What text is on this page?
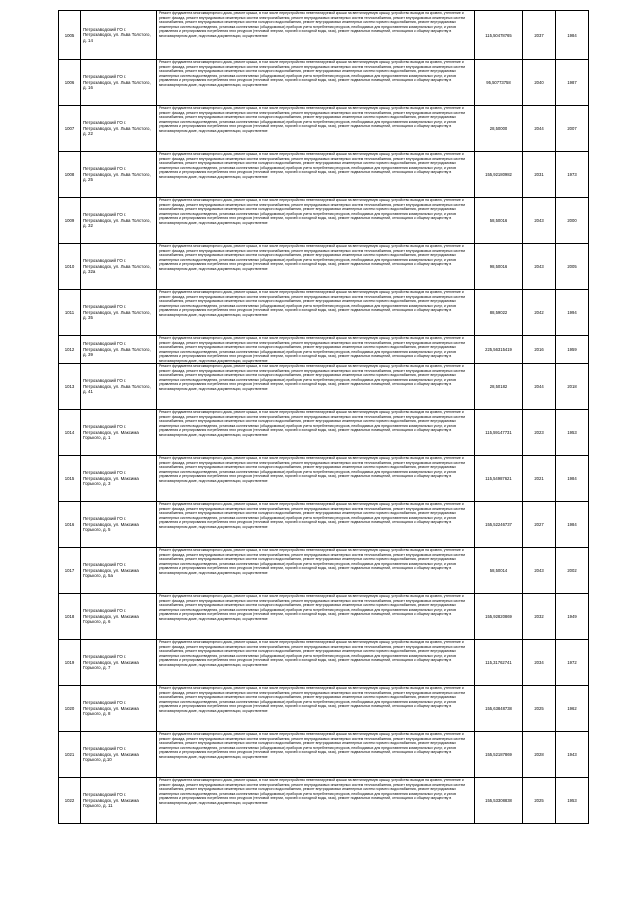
1005	Петрозаводский ГО г. Петрозаводск, ул. Льва Толстого, д. 14	Ремонт фундамента многоквартирного дома, ремонт крыши, в том числе переустройство невентилируемой крыши на вентилируемую крышу, устройство выходов на кровлю, утепление и ремонт фасада, ремонт внутридомовых инженерных систем электроснабжения, ремонт внутридомовых инженерных систем теплоснабжения, ремонт внутридомовых инженерных систем газоснабжения, ремонт внутридомовых инженерных систем холодного водоснабжения, ремонт внутридомовых инженерных систем горячего водоснабжения, ремонт внутридомовых инженерных систем водоотведения, установка коллективных (общедомовых) приборов учета потребления ресурсов, необходимых для предоставления коммунальных услуг, и узлов управления и регулирования потребления этих ресурсов (тепловой энергии, горячей и холодной воды, газа), ремонт подвальных помещений, относящихся к общему имуществу в многоквартирном доме, подготовка документации, осуществление	115,50478765	2037	1984
1006	Петрозаводский ГО г. Петрозаводск, ул. Льва Толстого, д. 16	Ремонт фундамента многоквартирного дома, ремонт крыши, в том числе переустройство невентилируемой крыши на вентилируемую крышу, устройство выходов на кровлю, утепление и ремонт фасада, ремонт внутридомовых инженерных систем электроснабжения, ремонт внутридомовых инженерных систем теплоснабжения, ремонт внутридомовых инженерных систем газоснабжения, ремонт внутридомовых инженерных систем холодного водоснабжения, ремонт внутридомовых инженерных систем горячего водоснабжения, ремонт внутридомовых инженерных систем водоотведения, установка коллективных (общедомовых) приборов учета потребления ресурсов, необходимых для предоставления коммунальных услуг, и узлов управления и регулирования потребления этих ресурсов (тепловой энергии, горячей и холодной воды, газа), ремонт подвальных помещений, относящихся к общему имуществу в многоквартирном доме, подготовка документации, осуществление	95,50773758	2040	1987
1007	Петрозаводский ГО г. Петрозаводск, ул. Льва Толстого, д. 22	Ремонт фундамента многоквартирного дома, ремонт крыши, в том числе переустройство невентилируемой крыши на вентилируемую крышу, устройство выходов на кровлю, утепление и ремонт фасада, ремонт внутридомовых инженерных систем электроснабжения, ремонт внутридомовых инженерных систем теплоснабжения, ремонт внутридомовых инженерных систем газоснабжения, ремонт внутридомовых инженерных систем холодного водоснабжения, ремонт внутридомовых инженерных систем горячего водоснабжения, ремонт внутридомовых инженерных систем водоотведения, установка коллективных (общедомовых) приборов учета потребления ресурсов, необходимых для предоставления коммунальных услуг, и узлов управления и регулирования потребления этих ресурсов (тепловой энергии, горячей и холодной воды, газа), ремонт подвальных помещений, относящихся к общему имуществу в многоквартирном доме, подготовка документации, осуществление	28,50000	2044	2007
1008	Петрозаводский ГО г. Петрозаводск, ул. Льва Толстого, д. 25	Ремонт фундамента многоквартирного дома, ремонт крыши, в том числе переустройство невентилируемой крыши на вентилируемую крышу, устройство выходов на кровлю, утепление и ремонт фасада, ремонт внутридомовых инженерных систем электроснабжения, ремонт внутридомовых инженерных систем теплоснабжения, ремонт внутридомовых инженерных систем газоснабжения, ремонт внутридомовых инженерных систем холодного водоснабжения, ремонт внутридомовых инженерных систем горячего водоснабжения, ремонт внутридомовых инженерных систем водоотведения, установка коллективных (общедомовых) приборов учета потребления ресурсов, необходимых для предоставления коммунальных услуг, и узлов управления и регулирования потребления этих ресурсов (тепловой энергии, горячей и холодной воды, газа), ремонт подвальных помещений, относящихся к общему имуществу в многоквартирном доме, подготовка документации, осуществление	155,92180982	2031	1973
1009	Петрозаводский ГО г. Петрозаводск, ул. Льва Толстого, д. 32	Ремонт фундамента многоквартирного дома, ремонт крыши, в том числе переустройство невентилируемой крыши на вентилируемую крышу, устройство выходов на кровлю, утепление и ремонт фасада, ремонт внутридомовых инженерных систем электроснабжения, ремонт внутридомовых инженерных систем теплоснабжения, ремонт внутридомовых инженерных систем газоснабжения, ремонт внутридомовых инженерных систем холодного водоснабжения, ремонт внутридомовых инженерных систем горячего водоснабжения, ремонт внутридомовых инженерных систем водоотведения, установка коллективных (общедомовых) приборов учета потребления ресурсов, необходимых для предоставления коммунальных услуг, и узлов управления и регулирования потребления этих ресурсов (тепловой энергии, горячей и холодной воды, газа), ремонт подвальных помещений, относящихся к общему имуществу в многоквартирном доме, подготовка документации, осуществление	58,50016	2043	2000
1010	Петрозаводский ГО г. Петрозаводск, ул. Льва Толстого, д. 32а	Ремонт фундамента многоквартирного дома, ремонт крыши, в том числе переустройство невентилируемой крыши на вентилируемую крышу, устройство выходов на кровлю, утепление и ремонт фасада, ремонт внутридомовых инженерных систем электроснабжения, ремонт внутридомовых инженерных систем теплоснабжения, ремонт внутридомовых инженерных систем газоснабжения, ремонт внутридомовых инженерных систем холодного водоснабжения, ремонт внутридомовых инженерных систем горячего водоснабжения, ремонт внутридомовых инженерных систем водоотведения, установка коллективных (общедомовых) приборов учета потребления ресурсов, необходимых для предоставления коммунальных услуг, и узлов управления и регулирования потребления этих ресурсов (тепловой энергии, горячей и холодной воды, газа), ремонт подвальных помещений, относящихся к общему имуществу в многоквартирном доме, подготовка документации, осуществление	98,50016	2043	2005
1011	Петрозаводский ГО г. Петрозаводск, ул. Льва Толстого, д. 35	Ремонт фундамента многоквартирного дома, ремонт крыши, в том числе переустройство невентилируемой крыши на вентилируемую крышу, устройство выходов на кровлю, утепление и ремонт фасада, ремонт внутридомовых инженерных систем электроснабжения, ремонт внутридомовых инженерных систем теплоснабжения, ремонт внутридомовых инженерных систем газоснабжения, ремонт внутридомовых инженерных систем холодного водоснабжения, ремонт внутридомовых инженерных систем горячего водоснабжения, ремонт внутридомовых инженерных систем водоотведения, установка коллективных (общедомовых) приборов учета потребления ресурсов, необходимых для предоставления коммунальных услуг, и узлов управления и регулирования потребления этих ресурсов (тепловой энергии, горячей и холодной воды, газа), ремонт подвальных помещений, относящихся к общему имуществу в многоквартирном доме, подготовка документации, осуществление	88,59022	2042	1994
1012	Петрозаводский ГО г. Петрозаводск, ул. Льва Толстого, д. 39	Ремонт фундамента многоквартирного дома, ремонт крыши, в том числе переустройство невентилируемой крыши на вентилируемую крышу, устройство выходов на кровлю, утепление и ремонт фасада, ремонт внутридомовых инженерных систем электроснабжения, ремонт внутридомовых инженерных систем теплоснабжения, ремонт внутридомовых инженерных систем газоснабжения, ремонт внутридомовых инженерных систем холодного водоснабжения, ремонт внутридомовых инженерных систем горячего водоснабжения, ремонт внутридомовых инженерных систем водоотведения, установка коллективных (общедомовых) приборов учета потребления ресурсов, необходимых для предоставления коммунальных услуг, и узлов управления и регулирования потребления этих ресурсов (тепловой энергии, горячей и холодной воды, газа), ремонт подвальных помещений, относящихся к общему имуществу в многоквартирном доме, подготовка документации, осуществление	225,56315419	2016	1959
1013	Петрозаводский ГО г. Петрозаводск, ул. Льва Толстого, д. 41	Ремонт фундамента многоквартирного дома, ремонт крыши, в том числе переустройство невентилируемой крыши на вентилируемую крышу, устройство выходов на кровлю, утепление и ремонт фасада, ремонт внутридомовых инженерных систем электроснабжения, ремонт внутридомовых инженерных систем теплоснабжения, ремонт внутридомовых инженерных систем газоснабжения, ремонт внутридомовых инженерных систем холодного водоснабжения, ремонт внутридомовых инженерных систем горячего водоснабжения, ремонт внутридомовых инженерных систем водоотведения, установка коллективных (общедомовых) приборов учета потребления ресурсов, необходимых для предоставления коммунальных услуг, и узлов управления и регулирования потребления этих ресурсов (тепловой энергии, горячей и холодной воды, газа), ремонт подвальных помещений, относящихся к общему имуществу в многоквартирном доме, подготовка документации, осуществление	28,50182	2044	2018
1014	Петрозаводский ГО г. Петрозаводск, ул. Максима Горького, д. 1	Ремонт фундамента многоквартирного дома, ремонт крыши, в том числе переустройство невентилируемой крыши на вентилируемую крышу, устройство выходов на кровлю, утепление и ремонт фасада, ремонт внутридомовых инженерных систем электроснабжения, ремонт внутридомовых инженерных систем теплоснабжения, ремонт внутридомовых инженерных систем газоснабжения, ремонт внутридомовых инженерных систем холодного водоснабжения, ремонт внутридомовых инженерных систем горячего водоснабжения, ремонт внутридомовых инженерных систем водоотведения, установка коллективных (общедомовых) приборов учета потребления ресурсов, необходимых для предоставления коммунальных услуг, и узлов управления и регулирования потребления этих ресурсов (тепловой энергии, горячей и холодной воды, газа), ремонт подвальных помещений, относящихся к общему имуществу в многоквартирном доме, подготовка документации, осуществление	115,59147731	2023	1953
1015	Петрозаводский ГО г. Петрозаводск, ул. Максима Горького, д. 3	Ремонт фундамента многоквартирного дома, ремонт крыши, в том числе переустройство невентилируемой крыши на вентилируемую крышу, устройство выходов на кровлю, утепление и ремонт фасада, ремонт внутридомовых инженерных систем электроснабжения, ремонт внутридомовых инженерных систем теплоснабжения, ремонт внутридомовых инженерных систем газоснабжения, ремонт внутридомовых инженерных систем холодного водоснабжения, ремонт внутридомовых инженерных систем горячего водоснабжения, ремонт внутридомовых инженерных систем водоотведения, установка коллективных (общедомовых) приборов учета потребления ресурсов, необходимых для предоставления коммунальных услуг, и узлов управления и регулирования потребления этих ресурсов (тепловой энергии, горячей и холодной воды, газа), ремонт подвальных помещений, относящихся к общему имуществу в многоквартирном доме, подготовка документации, осуществление	115,54987621	2021	1984
1016	Петрозаводский ГО г. Петрозаводск, ул. Максима Горького, д. 5	Ремонт фундамента многоквартирного дома, ремонт крыши, в том числе переустройство невентилируемой крыши на вентилируемую крышу, устройство выходов на кровлю, утепление и ремонт фасада, ремонт внутридомовых инженерных систем электроснабжения, ремонт внутридомовых инженерных систем теплоснабжения, ремонт внутридомовых инженерных систем газоснабжения, ремонт внутридомовых инженерных систем холодного водоснабжения, ремонт внутридомовых инженерных систем горячего водоснабжения, ремонт внутридомовых инженерных систем водоотведения, установка коллективных (общедомовых) приборов учета потребления ресурсов, необходимых для предоставления коммунальных услуг, и узлов управления и регулирования потребления этих ресурсов (тепловой энергии, горячей и холодной воды, газа), ремонт подвальных помещений, относящихся к общему имуществу в многоквартирном доме, подготовка документации, осуществление	155,52246737	2027	1984
1017	Петрозаводский ГО г. Петрозаводск, ул. Максима Горького, д. 5а	Ремонт фундамента многоквартирного дома, ремонт крыши, в том числе переустройство невентилируемой крыши на вентилируемую крышу, устройство выходов на кровлю, утепление и ремонт фасада, ремонт внутридомовых инженерных систем электроснабжения, ремонт внутридомовых инженерных систем теплоснабжения, ремонт внутридомовых инженерных систем газоснабжения, ремонт внутридомовых инженерных систем холодного водоснабжения, ремонт внутридомовых инженерных систем горячего водоснабжения, ремонт внутридомовых инженерных систем водоотведения, установка коллективных (общедомовых) приборов учета потребления ресурсов, необходимых для предоставления коммунальных услуг, и узлов управления и регулирования потребления этих ресурсов (тепловой энергии, горячей и холодной воды, газа), ремонт подвальных помещений, относящихся к общему имуществу в многоквартирном доме, подготовка документации, осуществление	58,50014	2043	2002
1018	Петрозаводский ГО г. Петрозаводск, ул. Максима Горького, д. 6	Ремонт фундамента многоквартирного дома, ремонт крыши, в том числе переустройство невентилируемой крыши на вентилируемую крышу, устройство выходов на кровлю, утепление и ремонт фасада, ремонт внутридомовых инженерных систем электроснабжения, ремонт внутридомовых инженерных систем теплоснабжения, ремонт внутридомовых инженерных систем газоснабжения, ремонт внутридомовых инженерных систем холодного водоснабжения, ремонт внутридомовых инженерных систем горячего водоснабжения, ремонт внутридомовых инженерных систем водоотведения, установка коллективных (общедомовых) приборов учета потребления ресурсов, необходимых для предоставления коммунальных услуг, и узлов управления и регулирования потребления этих ресурсов (тепловой энергии, горячей и холодной воды, газа), ремонт подвальных помещений, относящихся к общему имуществу в многоквартирном доме, подготовка документации, осуществление	155,92820869	2032	1949
1019	Петрозаводский ГО г. Петрозаводск, ул. Максима Горького, д. 7	Ремонт фундамента многоквартирного дома, ремонт крыши, в том числе переустройство невентилируемой крыши на вентилируемую крышу, устройство выходов на кровлю, утепление и ремонт фасада, ремонт внутридомовых инженерных систем электроснабжения, ремонт внутридомовых инженерных систем теплоснабжения, ремонт внутридомовых инженерных систем газоснабжения, ремонт внутридомовых инженерных систем холодного водоснабжения, ремонт внутридомовых инженерных систем горячего водоснабжения, ремонт внутридомовых инженерных систем водоотведения, установка коллективных (общедомовых) приборов учета потребления ресурсов, необходимых для предоставления коммунальных услуг, и узлов управления и регулирования потребления этих ресурсов (тепловой энергии, горячей и холодной воды, газа), ремонт подвальных помещений, относящихся к общему имуществу в многоквартирном доме, подготовка документации, осуществление	115,31762741	2034	1972
1020	Петрозаводский ГО г. Петрозаводск, ул. Максима Горького, д. 8	Ремонт фундамента многоквартирного дома, ремонт крыши, в том числе переустройство невентилируемой крыши на вентилируемую крышу, устройство выходов на кровлю, утепление и ремонт фасада, ремонт внутридомовых инженерных систем электроснабжения, ремонт внутридомовых инженерных систем теплоснабжения, ремонт внутридомовых инженерных систем газоснабжения, ремонт внутридомовых инженерных систем холодного водоснабжения, ремонт внутридомовых инженерных систем горячего водоснабжения, ремонт внутридомовых инженерных систем водоотведения, установка коллективных (общедомовых) приборов учета потребления ресурсов, необходимых для предоставления коммунальных услуг, и узлов управления и регулирования потребления этих ресурсов (тепловой энергии, горячей и холодной воды, газа), ремонт подвальных помещений, относящихся к общему имуществу в многоквартирном доме, подготовка документации, осуществление	155,63848738	2025	1962
1021	Петрозаводский ГО г. Петрозаводск, ул. Максима Горького, д.10	Ремонт фундамента многоквартирного дома, ремонт крыши, в том числе переустройство невентилируемой крыши на вентилируемую крышу, устройство выходов на кровлю, утепление и ремонт фасада, ремонт внутридомовых инженерных систем электроснабжения, ремонт внутридомовых инженерных систем теплоснабжения, ремонт внутридомовых инженерных систем газоснабжения, ремонт внутридомовых инженерных систем холодного водоснабжения, ремонт внутридомовых инженерных систем горячего водоснабжения, ремонт внутридомовых инженерных систем водоотведения, установка коллективных (общедомовых) приборов учета потребления ресурсов, необходимых для предоставления коммунальных услуг, и узлов управления и регулирования потребления этих ресурсов (тепловой энергии, горячей и холодной воды, газа), ремонт подвальных помещений, относящихся к общему имуществу в многоквартирном доме, подготовка документации, осуществление	155,52187869	2028	1943
1022	Петрозаводский ГО г. Петрозаводск, ул. Максима Горького, д. 11	Ремонт фундамента многоквартирного дома, ремонт крыши, в том числе переустройство невентилируемой крыши на вентилируемую крышу, устройство выходов на кровлю, утепление и ремонт фасада, ремонт внутридомовых инженерных систем электроснабжения, ремонт внутридомовых инженерных систем теплоснабжения, ремонт внутридомовых инженерных систем газоснабжения, ремонт внутридомовых инженерных систем холодного водоснабжения, ремонт внутридомовых инженерных систем горячего водоснабжения, ремонт внутридомовых инженерных систем водоотведения, установка коллективных (общедомовых) приборов учета потребления ресурсов, необходимых для предоставления коммунальных услуг, и узлов управления и регулирования потребления этих ресурсов (тепловой энергии, горячей и холодной воды, газа), ремонт подвальных помещений, относящихся к общему имуществу в многоквартирном доме, подготовка документации, осуществление	155,53308838	2025	1953
